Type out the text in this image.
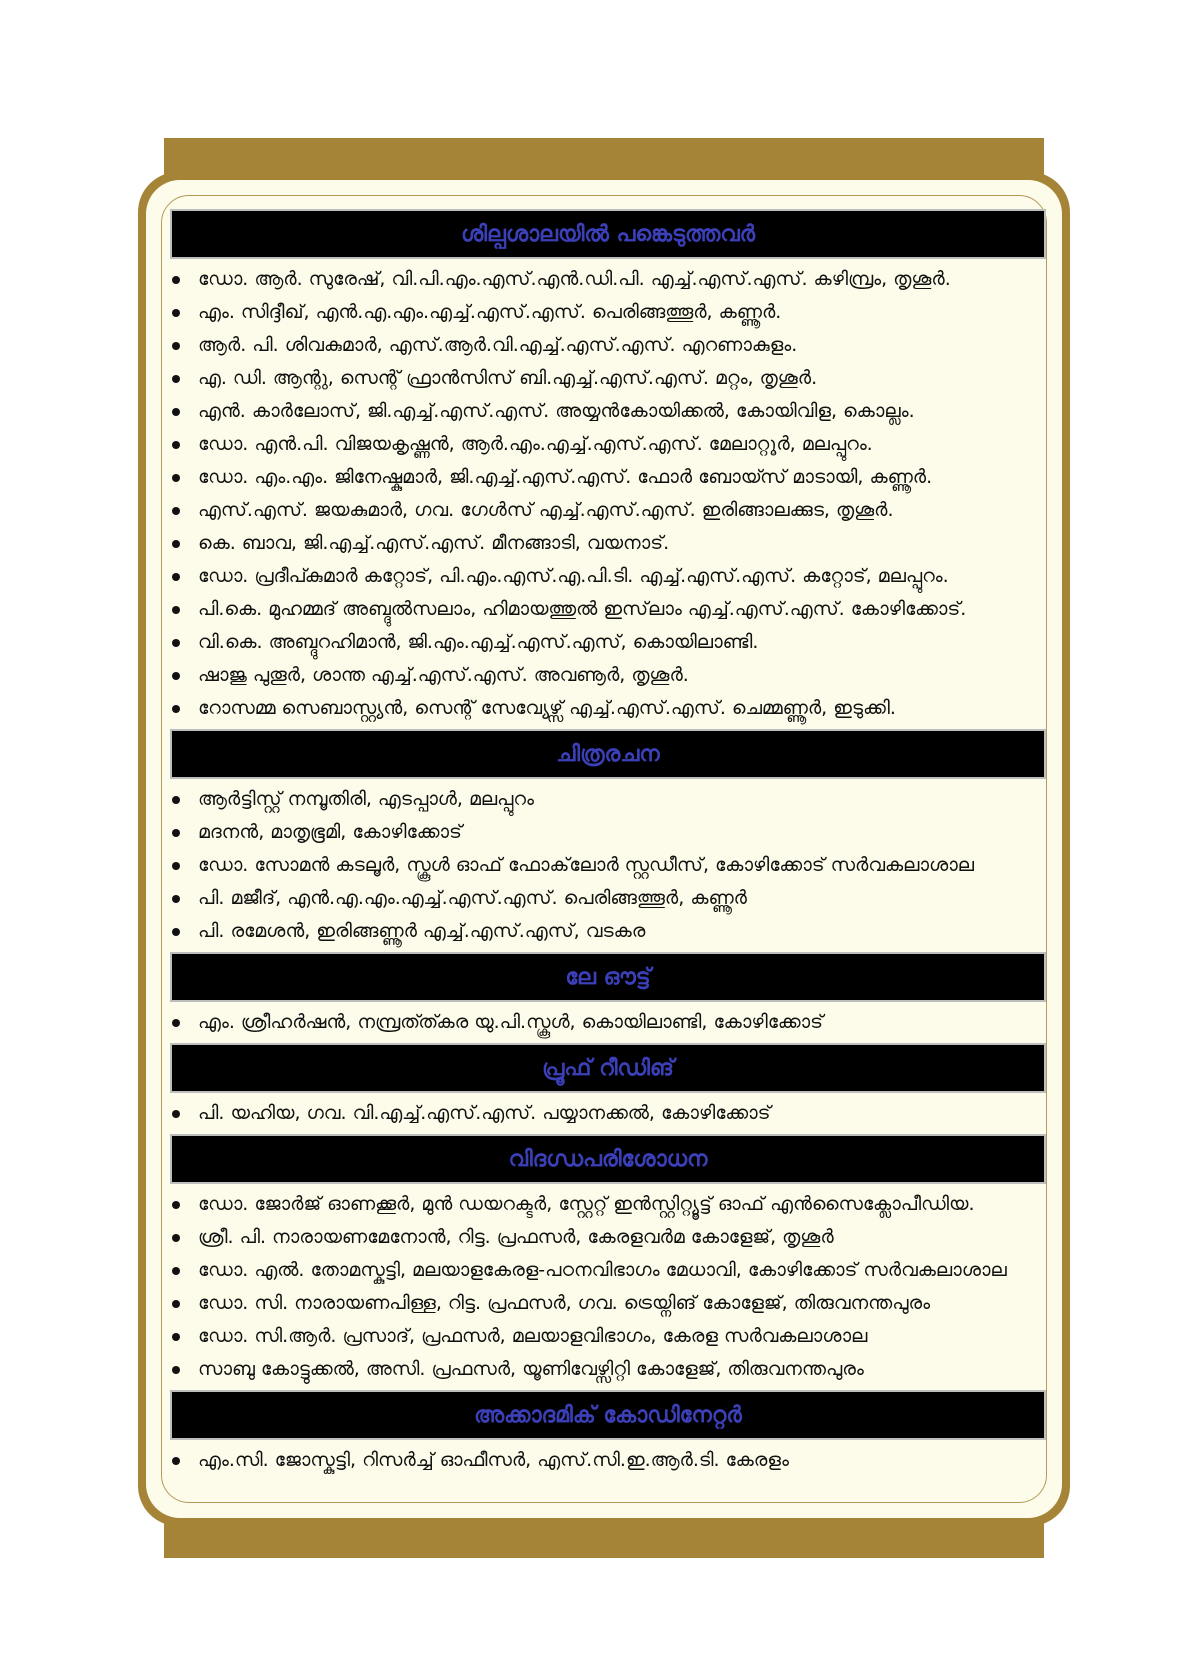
ശില്പശാലയിൽ പങ്കെടുത്തവർ
ഡോ. ആർ. സുരേഷ്, വി.പി.എം.എസ്.എൻ.ഡി.പി. എച്ച്.എസ്.എസ്. കഴിമ്പ്രം, തൃശൂർ.
എം. സിദ്ദീഖ്, എൻ.എ.എം.എച്ച്.എസ്.എസ്. പെരിങ്ങത്തൂർ, കണ്ണൂർ.
ആർ. പി. ശിവകുമാർ, എസ്.ആർ.വി.എച്ച്.എസ്.എസ്. എറണാകുളം.
എ. ഡി. ആന്റു, സെന്റ് ഫ്രാൻസിസ് ബി.എച്ച്.എസ്.എസ്. മറ്റം, തൃശൂർ.
എൻ. കാർലോസ്, ജി.എച്ച്.എസ്.എസ്. അയ്യൻകോയിക്കൽ, കോയിവിള, കൊല്ലം.
ഡോ. എൻ.പി. വിജയകൃഷ്ണൻ, ആർ.എം.എച്ച്.എസ്.എസ്. മേലാറ്റൂർ, മലപ്പുറം.
ഡോ. എം.എം. ജിനേഷ്കുമാർ, ജി.എച്ച്.എസ്.എസ്. ഫോർ ബോയ്സ് മാടായി, കണ്ണൂർ.
എസ്.എസ്. ജയകുമാർ, ഗവ. ഗേൾസ് എച്ച്.എസ്.എസ്. ഇരിങ്ങാലക്കുട, തൃശൂർ.
കെ. ബാവ, ജി.എച്ച്.എസ്.എസ്. മീനങ്ങാടി, വയനാട്.
ഡോ. പ്രദീപ്കുമാർ കറ്റോട്, പി.എം.എസ്.എ.പി.ടി. എച്ച്.എസ്.എസ്. കറ്റോട്, മലപ്പുറം.
പി.കെ. മുഹമ്മദ് അബ്ദുൽസലാം, ഹിമായത്തുൽ ഇസ്‌ലാം എച്ച്.എസ്.എസ്. കോഴിക്കോട്.
വി.കെ. അബ്ദുറഹിമാൻ, ജി.എം.എച്ച്.എസ്.എസ്, കൊയിലാണ്ടി.
ഷാജു പുതൂർ, ശാന്ത എച്ച്.എസ്.എസ്. അവണൂർ, തൃശൂർ.
റോസമ്മ സെബാസ്റ്റ്യൻ, സെന്റ് സേവ്യേഴ്സ് എച്ച്.എസ്.എസ്. ചെമ്മണ്ണൂർ, ഇടുക്കി.
ചിത്രരചന
ആർട്ടിസ്റ്റ് നമ്പൂതിരി, എടപ്പാൾ, മലപ്പുറം
മദനൻ, മാതൃഭൂമി, കോഴിക്കോട്
ഡോ. സോമൻ കടലൂർ, സ്കൂൾ ഓഫ് ഫോക്‌ലോർ സ്റ്റഡീസ്, കോഴിക്കോട് സർവകലാശാല
പി. മജീദ്, എൻ.എ.എം.എച്ച്.എസ്.എസ്. പെരിങ്ങത്തൂർ, കണ്ണൂർ
പി. രമേശൻ, ഇരിങ്ങണ്ണൂർ എച്ച്.എസ്.എസ്, വടകര
ലേ ഔട്ട്
എം. ശ്രീഹർഷൻ, നമ്പ്രത്ത്കര യു.പി.സ്കൂൾ, കൊയിലാണ്ടി, കോഴിക്കോട്
പ്രൂഫ് റീഡിങ്
പി. യഹിയ, ഗവ. വി.എച്ച്.എസ്.എസ്. പയ്യാനക്കൽ, കോഴിക്കോട്
വിദഗ്ധപരിശോധന
ഡോ. ജോർജ് ഓണക്കൂർ, മുൻ ഡയറക്ടർ, സ്റ്റേറ്റ് ഇൻസ്റ്റിറ്റ്യൂട്ട് ഓഫ് എൻസൈക്ലോപീഡിയ.
ശ്രീ. പി. നാരായണമേനോൻ, റിട്ട. പ്രഫസർ, കേരളവർമ കോളേജ്, തൃശൂർ
ഡോ. എൽ. തോമസ്കുട്ടി, മലയാളകേരള-പഠനവിഭാഗം മേധാവി, കോഴിക്കോട് സർവകലാശാല
ഡോ. സി. നാരായണപിള്ള, റിട്ട. പ്രഫസർ, ഗവ. ട്രെയ്നിങ് കോളേജ്, തിരുവനന്തപുരം
ഡോ. സി.ആർ. പ്രസാദ്, പ്രഫസർ, മലയാളവിഭാഗം, കേരള സർവകലാശാല
സാബു കോട്ടുക്കൽ, അസി. പ്രഫസർ, യൂണിവേഴ്സിറ്റി കോളേജ്, തിരുവനന്തപുരം
അക്കാദമിക് കോഡിനേറ്റർ
എം.സി. ജോസ്കുട്ടി, റിസർച്ച് ഓഫീസർ, എസ്.സി.ഇ.ആർ.ടി. കേരളം
